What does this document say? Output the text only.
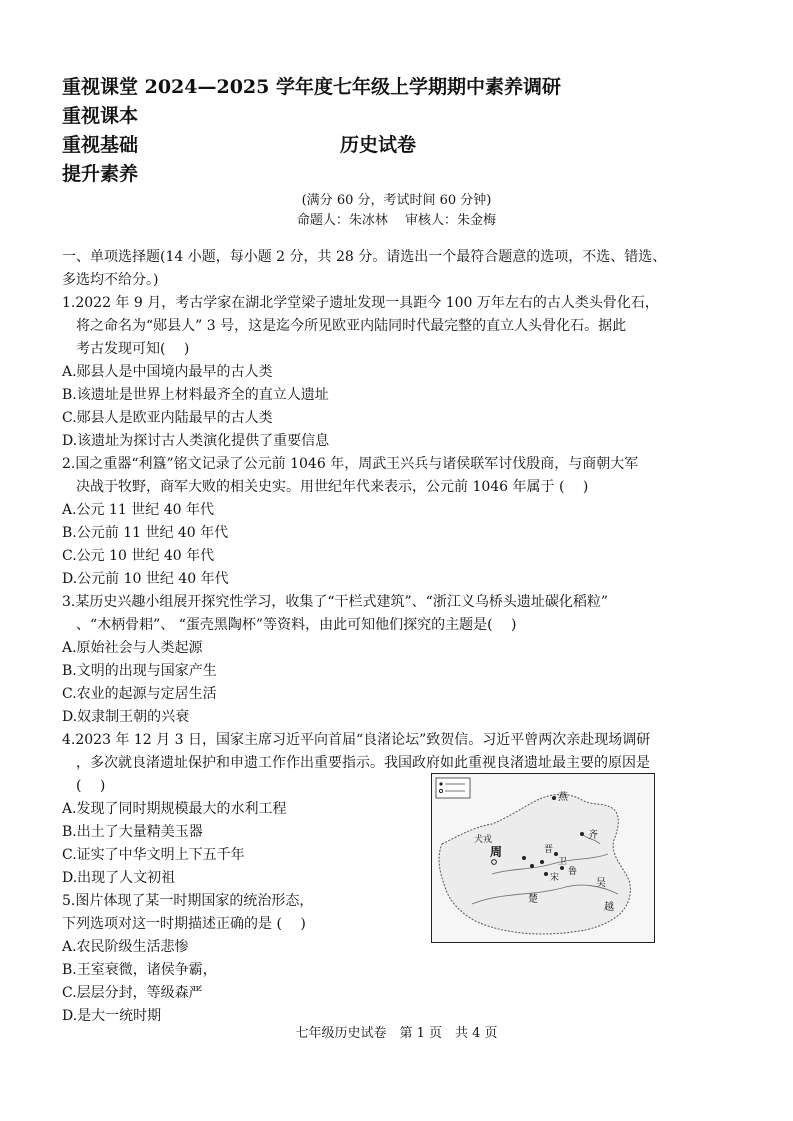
重视课堂 2024—2025 学年度七年级上学期期中素养调研
重视课本
重视基础	历史试卷
提升素养
(满分 60 分，考试时间 60 分钟)
命题人：朱冰林　 审核人：朱金梅
一、单项选择题(14 小题，每小题 2 分，共 28 分。请选出一个最符合题意的选项，不选、错选、
多选均不给分。)
1.2022 年 9 月，考古学家在湖北学堂梁子遗址发现一具距今 100 万年左右的古人类头骨化石，
将之命名为“郧县人” 3 号，这是迄今所见欧亚内陆同时代最完整的直立人头骨化石。据此
考古发现可知(　 )
A.郧县人是中国境内最早的古人类
B.该遗址是世界上材料最齐全的直立人遗址
C.郧县人是欧亚内陆最早的古人类
D.该遗址为探讨古人类演化提供了重要信息
2.国之重器“利簋”铭文记录了公元前 1046 年，周武王兴兵与诸侯联军讨伐殷商，与商朝大军
决战于牧野，商军大败的相关史实。用世纪年代来表示，公元前 1046 年属于 (　 )
A.公元 11 世纪 40 年代
B.公元前 11 世纪 40 年代
C.公元 10 世纪 40 年代
D.公元前 10 世纪 40 年代
3.某历史兴趣小组展开探究性学习，收集了“干栏式建筑”、“浙江义乌桥头遗址碳化稻粒”
、“木柄骨耜”、 “蛋壳黑陶杯”等资料，由此可知他们探究的主题是(　 )
A.原始社会与人类起源
B.文明的出现与国家产生
C.农业的起源与定居生活
D.奴隶制王朝的兴衰
4.2023 年 12 月 3 日，国家主席习近平向首届“良渚论坛”致贺信。习近平曾两次亲赴现场调研
，多次就良渚遗址保护和申遗工作作出重要指示。我国政府如此重视良渚遗址最主要的原因是
(　 )
A.发现了同时期规模最大的水利工程
B.出土了大量精美玉器
C.证实了中华文明上下五千年
D.出现了人文初祖
5.图片体现了某一时期国家的统治形态，
下列选项对这一时期描述正确的是 (　 )
A.农民阶级生活悲惨
B.王室衰微，诸侯争霸，
C.层层分封，等级森严
D.是大一统时期
燕
齐
犬戎
周	晋
卫
宋
鲁
楚
吴
越
七年级历史试卷　第 1 页　共 4 页
